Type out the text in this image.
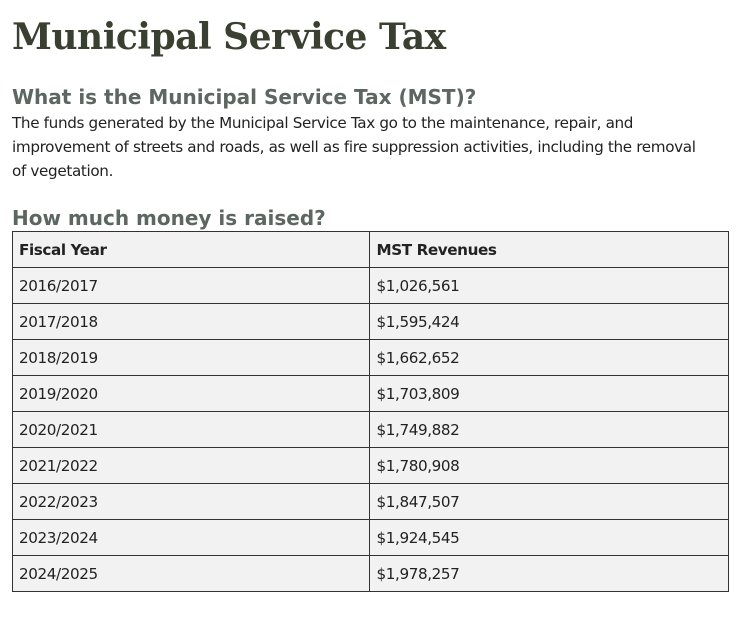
Municipal Service Tax
What is the Municipal Service Tax (MST)?

The funds generated by the Municipal Service Tax go to the maintenance, repair, and improvement of streets and roads, as well as fire suppression activities, including the removal of vegetation.

How much money is raised?
Fiscal Year	MST Revenues
2016/2017	$1,026,561
2017/2018	$1,595,424
2018/2019	$1,662,652
2019/2020	$1,703,809
2020/2021	$1,749,882
2021/2022	$1,780,908
2022/2023	$1,847,507
2023/2024	$1,924,545
2024/2025	$1,978,257
